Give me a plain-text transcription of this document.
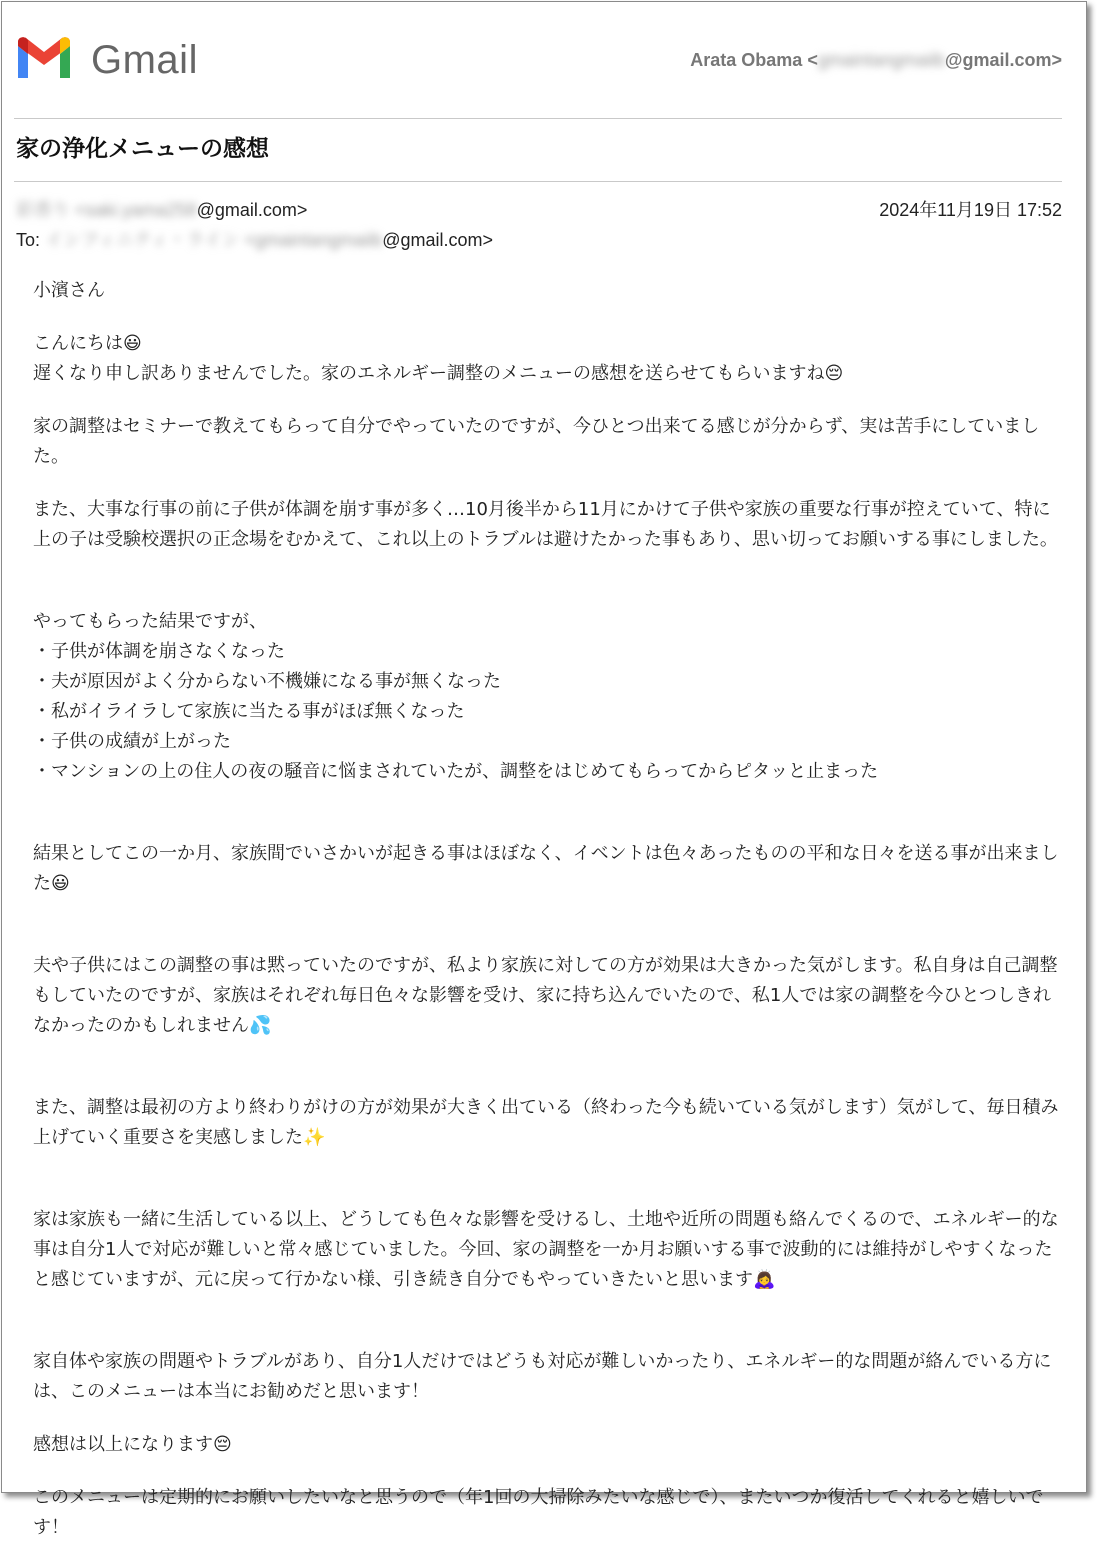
Gmail	Arata Obama <gmaintangmaiib@gmail.com>
家の浄化メニューの感想
彩香り <saki.yama258@gmail.com>	2024年11月19日 17:52
To: インフィニティ・ライン <gmaintangmaiib@gmail.com>

小濱さん

こんにちは😃
遅くなり申し訳ありませんでした。家のエネルギー調整のメニューの感想を送らせてもらいますね😔

家の調整はセミナーで教えてもらって自分でやっていたのですが、今ひとつ出来てる感じが分からず、実は苦手にしていました。

また、大事な行事の前に子供が体調を崩す事が多く…10月後半から11月にかけて子供や家族の重要な行事が控えていて、特に上の子は受験校選択の正念場をむかえて、これ以上のトラブルは避けたかった事もあり、思い切ってお願いする事にしました。

やってもらった結果ですが、
・子供が体調を崩さなくなった
・夫が原因がよく分からない不機嫌になる事が無くなった
・私がイライラして家族に当たる事がほぼ無くなった
・子供の成績が上がった
・マンションの上の住人の夜の騒音に悩まされていたが、調整をはじめてもらってからピタッと止まった

結果としてこの一か月、家族間でいさかいが起きる事はほぼなく、イベントは色々あったものの平和な日々を送る事が出来ました😃

夫や子供にはこの調整の事は黙っていたのですが、私より家族に対しての方が効果は大きかった気がします。私自身は自己調整もしていたのですが、家族はそれぞれ毎日色々な影響を受け、家に持ち込んでいたので、私1人では家の調整を今ひとつしきれなかったのかもしれません💦

また、調整は最初の方より終わりがけの方が効果が大きく出ている（終わった今も続いている気がします）気がして、毎日積み上げていく重要さを実感しました✨

家は家族も一緒に生活している以上、どうしても色々な影響を受けるし、土地や近所の問題も絡んでくるので、エネルギー的な事は自分1人で対応が難しいと常々感じていました。今回、家の調整を一か月お願いする事で波動的には維持がしやすくなったと感じていますが、元に戻って行かない様、引き続き自分でもやっていきたいと思います🙇‍♀️

家自体や家族の問題やトラブルがあり、自分1人だけではどうも対応が難しいかったり、エネルギー的な問題が絡んでいる方には、このメニューは本当にお勧めだと思います！

感想は以上になります😔

このメニューは定期的にお願いしたいなと思うので（年1回の大掃除みたいな感じで）、またいつか復活してくれると嬉しいです！
